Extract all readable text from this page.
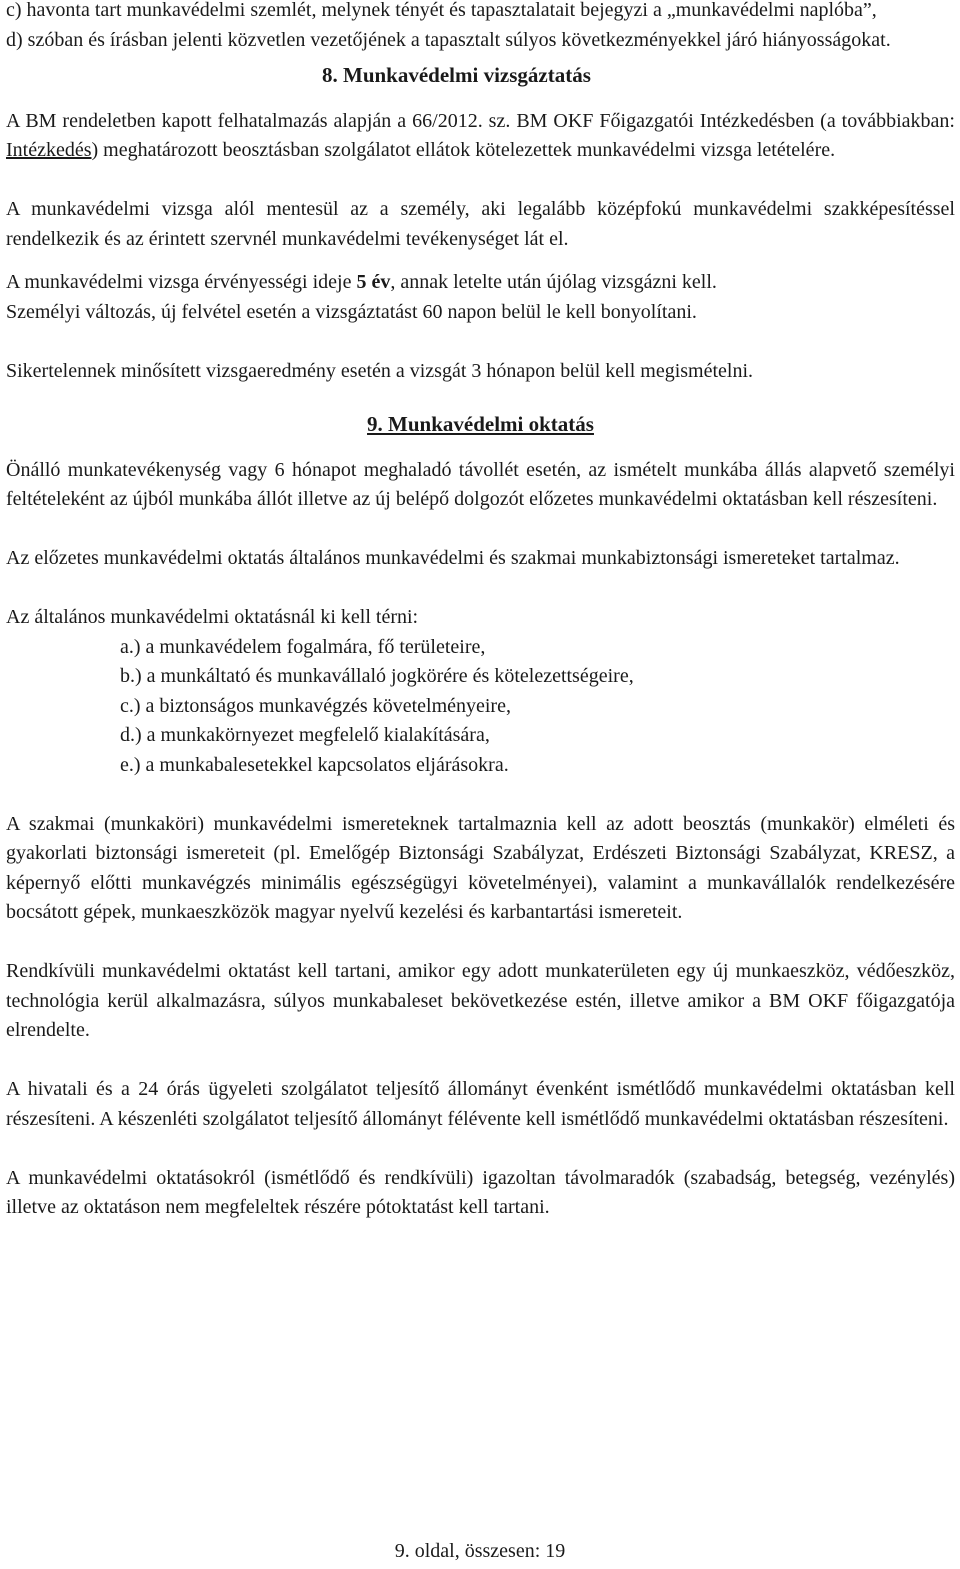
c) havonta tart munkavédelmi szemlét, melynek tényét és tapasztalatait bejegyzi a „munkavédelmi naplóba”,

d) szóban és írásban jelenti közvetlen vezetőjének a tapasztalt súlyos következményekkel járó hiányosságokat.

8. Munkavédelmi vizsgáztatás

A BM rendeletben kapott felhatalmazás alapján a 66/2012. sz. BM OKF Főigazgatói Intézkedésben (a továbbiakban: Intézkedés) meghatározott beosztásban szolgálatot ellátok kötelezettek munkavédelmi vizsga letételére.

A munkavédelmi vizsga alól mentesül az a személy, aki legalább középfokú munkavédelmi szakképesítéssel rendelkezik és az érintett szervnél munkavédelmi tevékenységet lát el.

A munkavédelmi vizsga érvényességi ideje 5 év, annak letelte után újólag vizsgázni kell.

Személyi változás, új felvétel esetén a vizsgáztatást 60 napon belül le kell bonyolítani.

Sikertelennek minősített vizsgaeredmény esetén a vizsgát 3 hónapon belül kell megismételni.

9. Munkavédelmi oktatás

Önálló munkatevékenység vagy 6 hónapot meghaladó távollét esetén, az ismételt munkába állás alapvető személyi feltételeként az újból munkába állót illetve az új belépő dolgozót előzetes munkavédelmi oktatásban kell részesíteni.

Az előzetes munkavédelmi oktatás általános munkavédelmi és szakmai munkabiztonsági ismereteket tartalmaz.

Az általános munkavédelmi oktatásnál ki kell térni:

a.) a munkavédelem fogalmára, fő területeire,
b.) a munkáltató és munkavállaló jogkörére és kötelezettségeire,
c.) a biztonságos munkavégzés követelményeire,
d.) a munkakörnyezet megfelelő kialakítására,
e.) a munkabalesetekkel kapcsolatos eljárásokra.

A szakmai (munkaköri) munkavédelmi ismereteknek tartalmaznia kell az adott beosztás (munkakör) elméleti és gyakorlati biztonsági ismereteit (pl. Emelőgép Biztonsági Szabályzat, Erdészeti Biztonsági Szabályzat, KRESZ, a képernyő előtti munkavégzés minimális egészségügyi követelményei), valamint a munkavállalók rendelkezésére bocsátott gépek, munkaeszközök magyar nyelvű kezelési és karbantartási ismereteit.

Rendkívüli munkavédelmi oktatást kell tartani, amikor egy adott munkaterületen egy új munkaeszköz, védőeszköz, technológia kerül alkalmazásra, súlyos munkabaleset bekövetkezése estén, illetve amikor a BM OKF főigazgatója elrendelte.

A hivatali és a 24 órás ügyeleti szolgálatot teljesítő állományt évenként ismétlődő munkavédelmi oktatásban kell részesíteni. A készenléti szolgálatot teljesítő állományt félévente kell ismétlődő munkavédelmi oktatásban részesíteni.

A munkavédelmi oktatásokról (ismétlődő és rendkívüli) igazoltan távolmaradók (szabadság, betegség, vezénylés) illetve az oktatáson nem megfeleltek részére pótoktatást kell tartani.

9. oldal, összesen: 19
